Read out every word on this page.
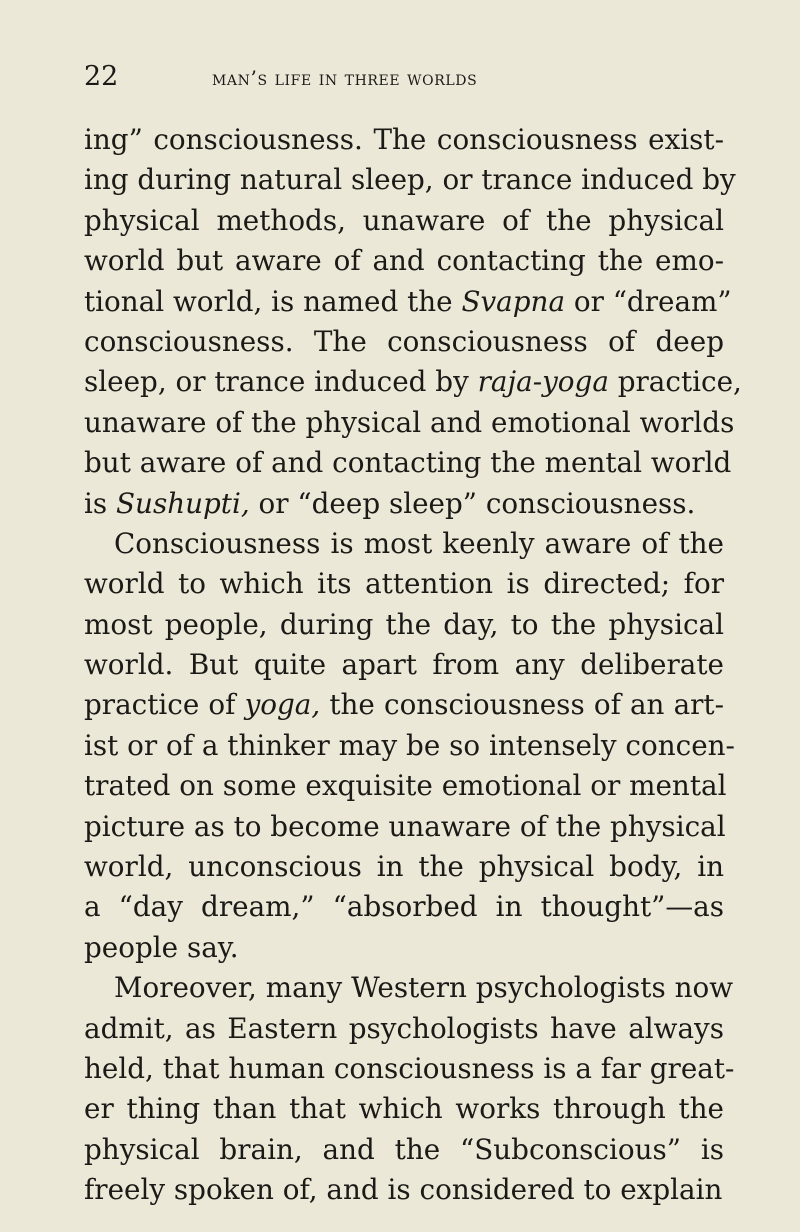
22	man’s life in three worlds
ing” consciousness. The consciousness exist-
ing during natural sleep, or trance induced by
physical methods, unaware of the physical
world but aware of and contacting the emo-
tional world, is named the Svapna or “dream”
consciousness. The consciousness of deep
sleep, or trance induced by raja-yoga practice,
unaware of the physical and emotional worlds
but aware of and contacting the mental world
is Sushupti, or “deep sleep” consciousness.
Consciousness is most keenly aware of the
world to which its attention is directed; for
most people, during the day, to the physical
world. But quite apart from any deliberate
practice of yoga, the consciousness of an art-
ist or of a thinker may be so intensely concen-
trated on some exquisite emotional or mental
picture as to become unaware of the physical
world, unconscious in the physical body, in
a “day dream,” “absorbed in thought”—as
people say.
Moreover, many Western psychologists now
admit, as Eastern psychologists have always
held, that human consciousness is a far great-
er thing than that which works through the
physical brain, and the “Subconscious” is
freely spoken of, and is considered to explain
